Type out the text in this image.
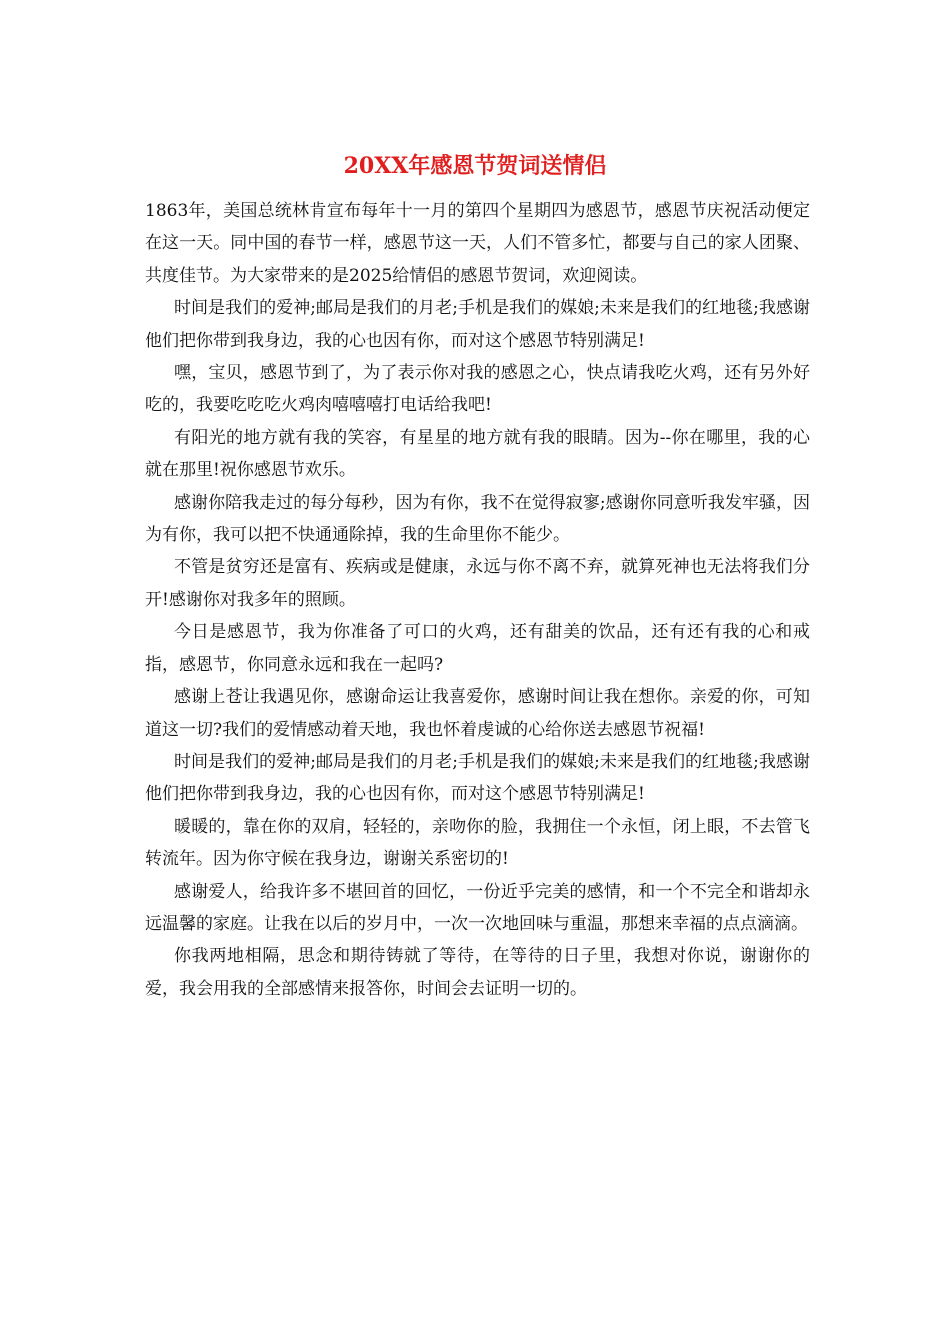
20XX年感恩节贺词送情侣

1863年，美国总统林肯宣布每年十一月的第四个星期四为感恩节，感恩节庆祝活动便定在这一天。同中国的春节一样，感恩节这一天，人们不管多忙，都要与自己的家人团聚、共度佳节。为大家带来的是2025给情侣的感恩节贺词，欢迎阅读。

时间是我们的爱神;邮局是我们的月老;手机是我们的媒娘;未来是我们的红地毯;我感谢他们把你带到我身边，我的心也因有你，而对这个感恩节特别满足!

嘿，宝贝，感恩节到了，为了表示你对我的感恩之心，快点请我吃火鸡，还有另外好吃的，我要吃吃吃火鸡肉嘻嘻嘻打电话给我吧!

有阳光的地方就有我的笑容，有星星的地方就有我的眼睛。因为--你在哪里，我的心就在那里!祝你感恩节欢乐。

感谢你陪我走过的每分每秒，因为有你，我不在觉得寂寥;感谢你同意听我发牢骚，因为有你，我可以把不快通通除掉，我的生命里你不能少。

不管是贫穷还是富有、疾病或是健康，永远与你不离不弃，就算死神也无法将我们分开!感谢你对我多年的照顾。

今日是感恩节，我为你准备了可口的火鸡，还有甜美的饮品，还有还有我的心和戒指，感恩节，你同意永远和我在一起吗?

感谢上苍让我遇见你，感谢命运让我喜爱你，感谢时间让我在想你。亲爱的你，可知道这一切?我们的爱情感动着天地，我也怀着虔诚的心给你送去感恩节祝福!

时间是我们的爱神;邮局是我们的月老;手机是我们的媒娘;未来是我们的红地毯;我感谢他们把你带到我身边，我的心也因有你，而对这个感恩节特别满足!

暖暖的，靠在你的双肩，轻轻的，亲吻你的脸，我拥住一个永恒，闭上眼，不去管飞转流年。因为你守候在我身边，谢谢关系密切的!

感谢爱人，给我许多不堪回首的回忆，一份近乎完美的感情，和一个不完全和谐却永远温馨的家庭。让我在以后的岁月中，一次一次地回味与重温，那想来幸福的点点滴滴。

你我两地相隔，思念和期待铸就了等待，在等待的日子里，我想对你说，谢谢你的爱，我会用我的全部感情来报答你，时间会去证明一切的。
